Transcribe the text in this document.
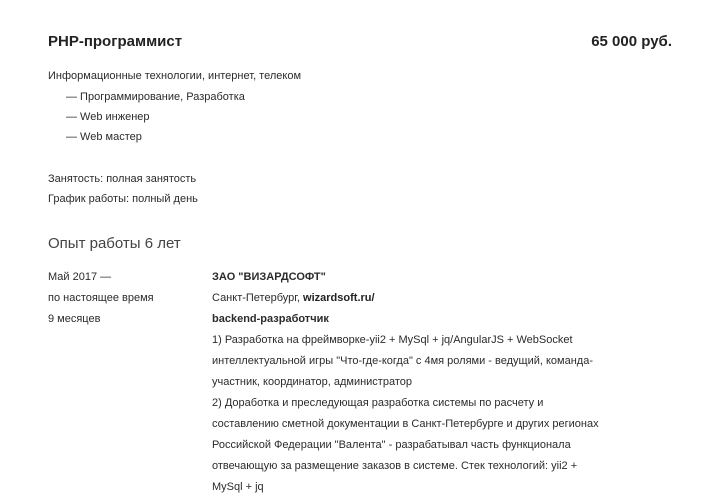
PHP-программист	65 000 руб.
Информационные технологии, интернет, телеком
— Программирование, Разработка
— Web инженер
— Web мастер
Занятость: полная занятость
График работы: полный день
Опыт работы 6 лет
Май 2017 —
по настоящее время
9 месяцев
ЗАО "ВИЗАРДСОФТ"
Санкт-Петербург, wizardsoft.ru/
backend-разработчик
1) Разработка на фреймворке-yii2 + MySql + jq/AngularJS + WebSocket
интеллектуальной игры "Что-где-когда" с 4мя ролями - ведущий, команда-
участник, координатор, администратор
2) Доработка и преследующая разработка системы по расчету и
составлению сметной документации в Санкт-Петербурге и других регионах
Российской Федерации "Валента" - разрабатывал часть функционала
отвечающую за размещение заказов в системе. Стек технологий: yii2 +
MySql + jq
